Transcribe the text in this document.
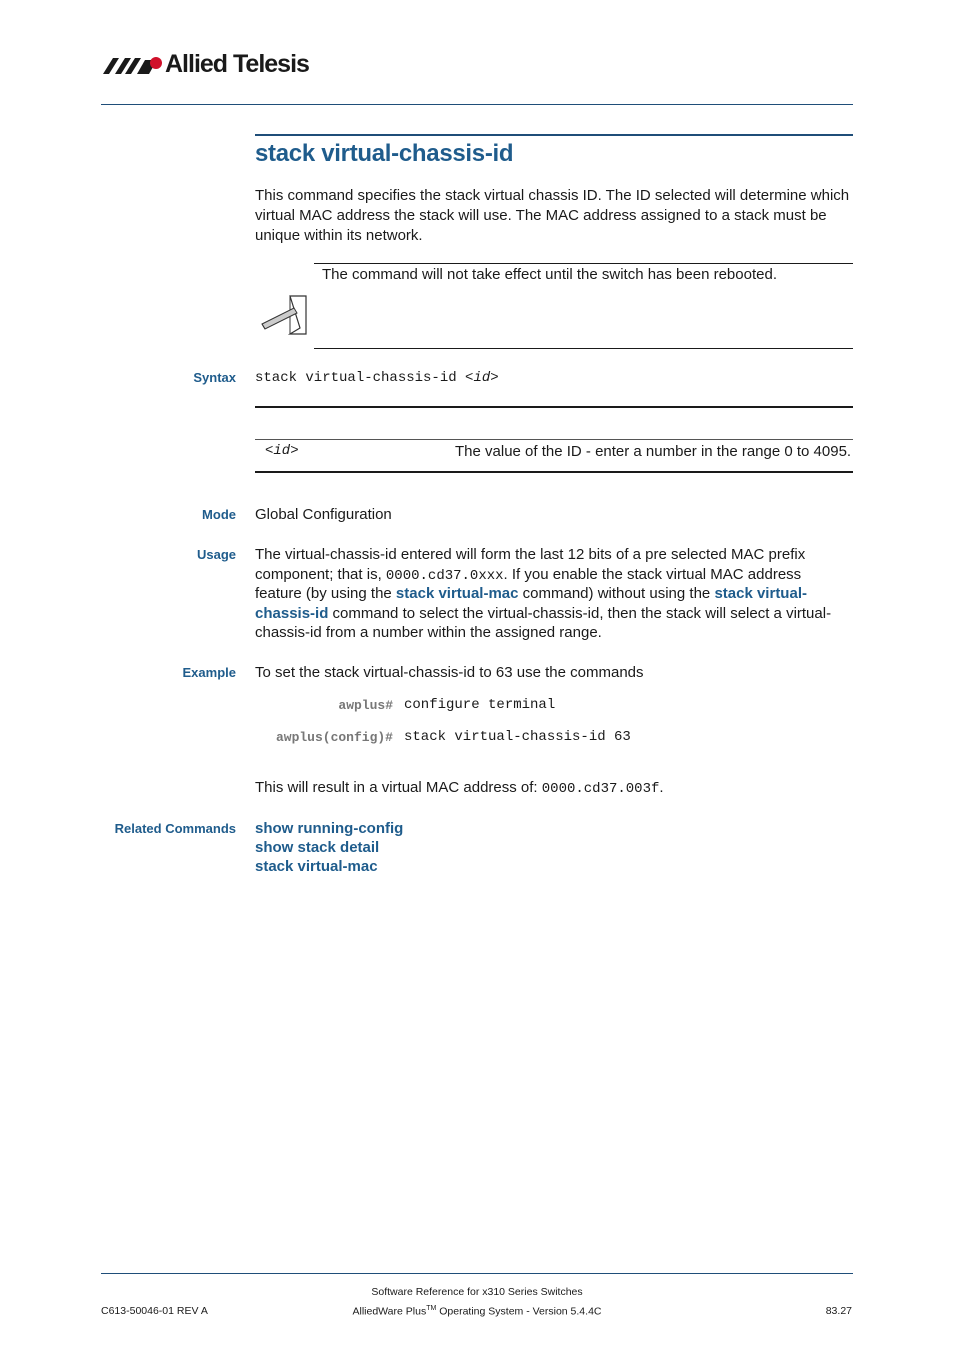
Allied Telesis
stack virtual-chassis-id
This command specifies the stack virtual chassis ID. The ID selected will determine which
virtual MAC address the stack will use. The MAC address assigned to a stack must be
unique within its network.
The command will not take effect until the switch has been rebooted.
Syntax stack virtual-chassis-id <id>
<id>	The value of the ID - enter a number in the range 0 to 4095.
Mode Global Configuration
Usage The virtual-chassis-id entered will form the last 12 bits of a pre selected MAC prefix
component; that is, 0000.cd37.0xxx. If you enable the stack virtual MAC address
feature (by using the stack virtual-mac command) without using the stack virtual-
chassis-id command to select the virtual-chassis-id, then the stack will select a virtual-
chassis-id from a number within the assigned range.
Example To set the stack virtual-chassis-id to 63 use the commands
awplus# configure terminal
awplus(config)# stack virtual-chassis-id 63
This will result in a virtual MAC address of: 0000.cd37.003f.
Related Commands show running-config
show stack detail
stack virtual-mac
Software Reference for x310 Series Switches
C613-50046-01 REV A	AlliedWare Plus™ Operating System - Version 5.4.4C	83.27
